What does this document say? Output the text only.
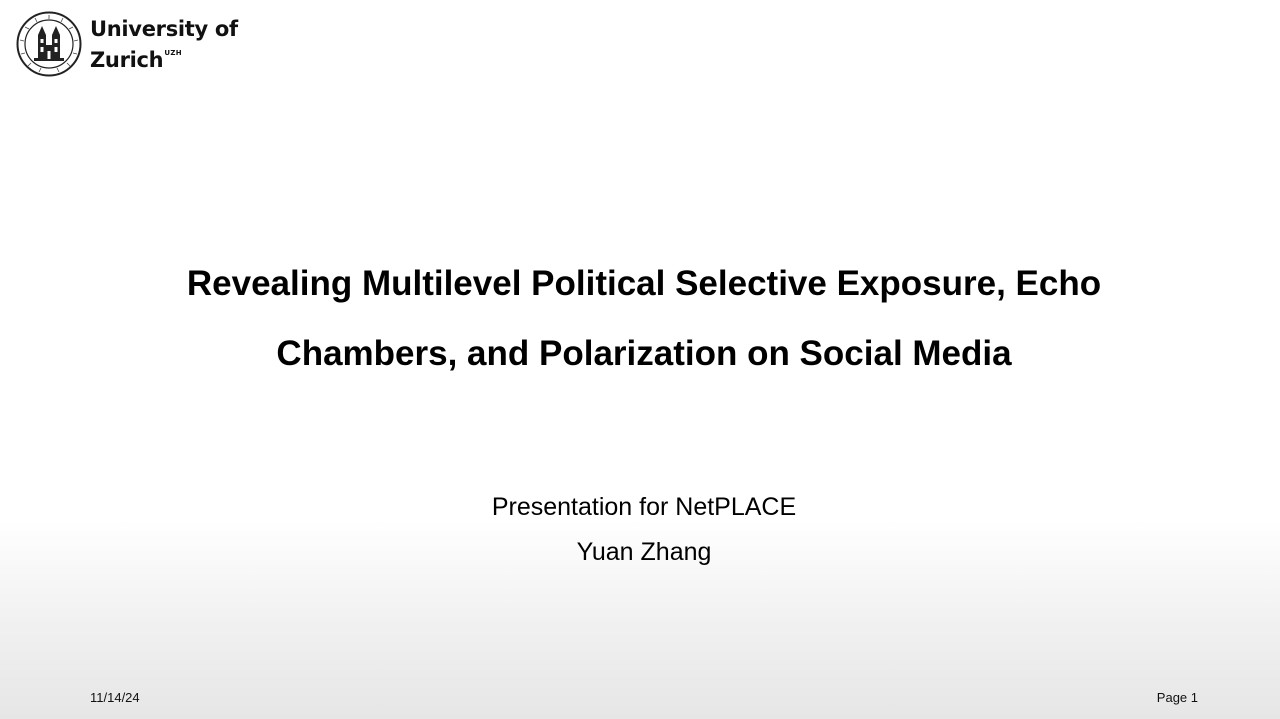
University of
Zurich$^{UZH}$
Revealing Multilevel Political Selective Exposure, Echo
Chambers, and Polarization on Social Media
Presentation for NetPLACE
Yuan Zhang
11/14/24	Page 1
